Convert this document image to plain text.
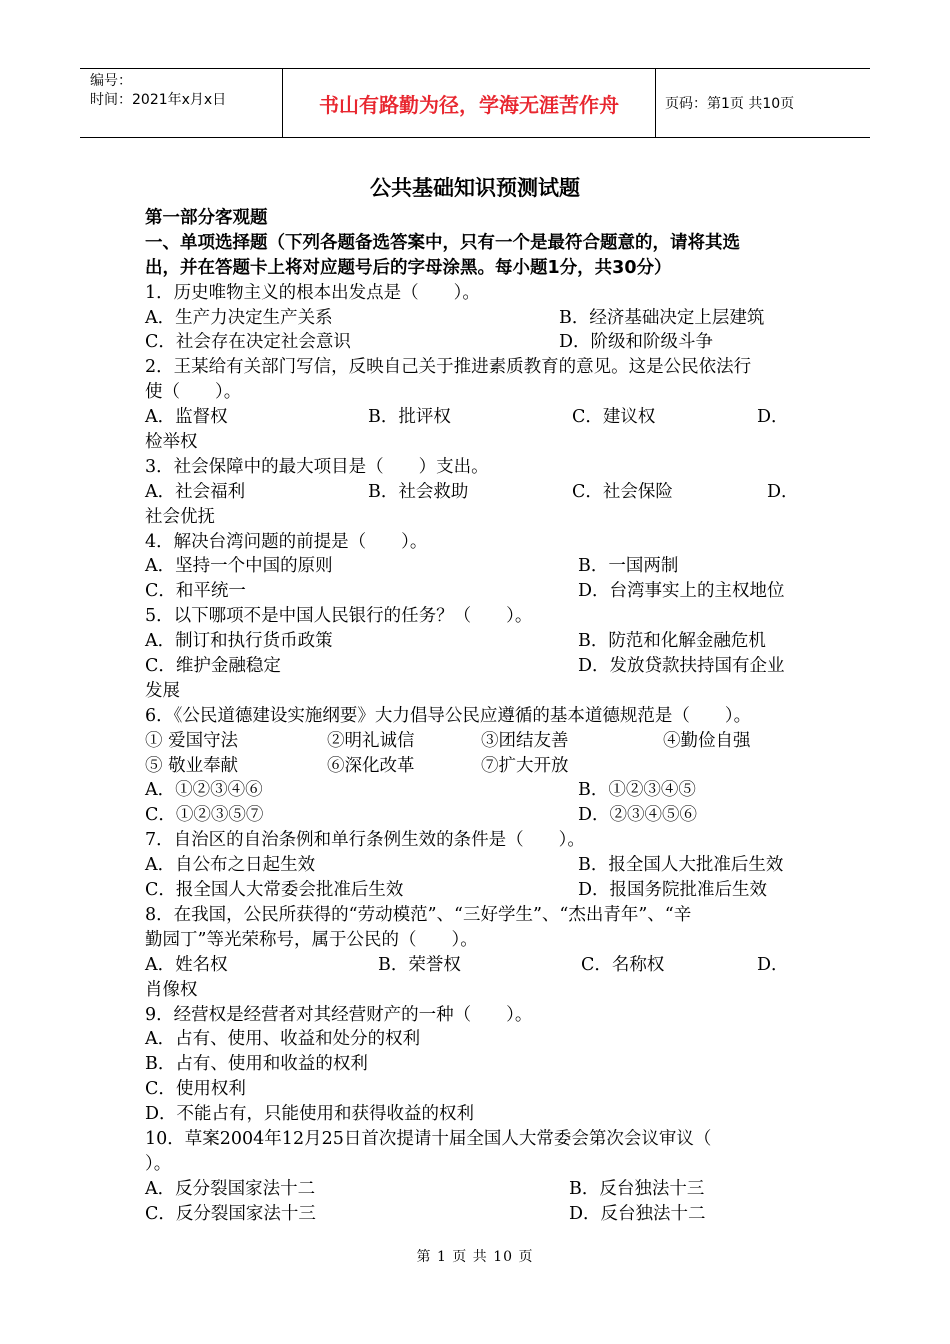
编号：
时间：2021年x月x日	书山有路勤为径，学海无涯苦作舟	页码：第1页 共10页
公共基础知识预测试题
第一部分客观题
一、单项选择题（下列各题备选答案中，只有一个是最符合题意的，请将其选
出，并在答题卡上将对应题号后的字母涂黑。每小题1分，共30分）
1．历史唯物主义的根本出发点是（　　）。
A．生产力决定生产关系	B．经济基础决定上层建筑
C．社会存在决定社会意识	D．阶级和阶级斗争
2．王某给有关部门写信，反映自己关于推进素质教育的意见。这是公民依法行
使（　　）。
A．监督权	B．批评权	C．建议权	D．
检举权
3．社会保障中的最大项目是（　　）支出。
A．社会福利	B．社会救助	C．社会保险	D．
社会优抚
4．解决台湾问题的前提是（　　）。
A．坚持一个中国的原则	B．一国两制
C．和平统一	D．台湾事实上的主权地位
5．以下哪项不是中国人民银行的任务？（　　）。
A．制订和执行货币政策	B．防范和化解金融危机
C．维护金融稳定	D．发放贷款扶持国有企业
发展
6．《公民道德建设实施纲要》大力倡导公民应遵循的基本道德规范是（　　）。
① 爱国守法	②明礼诚信	③团结友善	④勤俭自强
⑤ 敬业奉献	⑥深化改革	⑦扩大开放
A．①②③④⑥	B．①②③④⑤
C．①②③⑤⑦	D．②③④⑤⑥
7．自治区的自治条例和单行条例生效的条件是（　　）。
A．自公布之日起生效	B．报全国人大批准后生效
C．报全国人大常委会批准后生效	D．报国务院批准后生效
8．在我国，公民所获得的“劳动模范”、“三好学生”、“杰出青年”、“辛
勤园丁”等光荣称号，属于公民的（　　）。
A．姓名权	B．荣誉权	C．名称权	D．
肖像权
9．经营权是经营者对其经营财产的一种（　　）。
A．占有、使用、收益和处分的权利
B．占有、使用和收益的权利
C．使用权利
D．不能占有，只能使用和获得收益的权利
10．草案2004年12月25日首次提请十届全国人大常委会第次会议审议（
）。
A．反分裂国家法十二	B．反台独法十三
C．反分裂国家法十三	D．反台独法十二
第 1 页 共 10 页
